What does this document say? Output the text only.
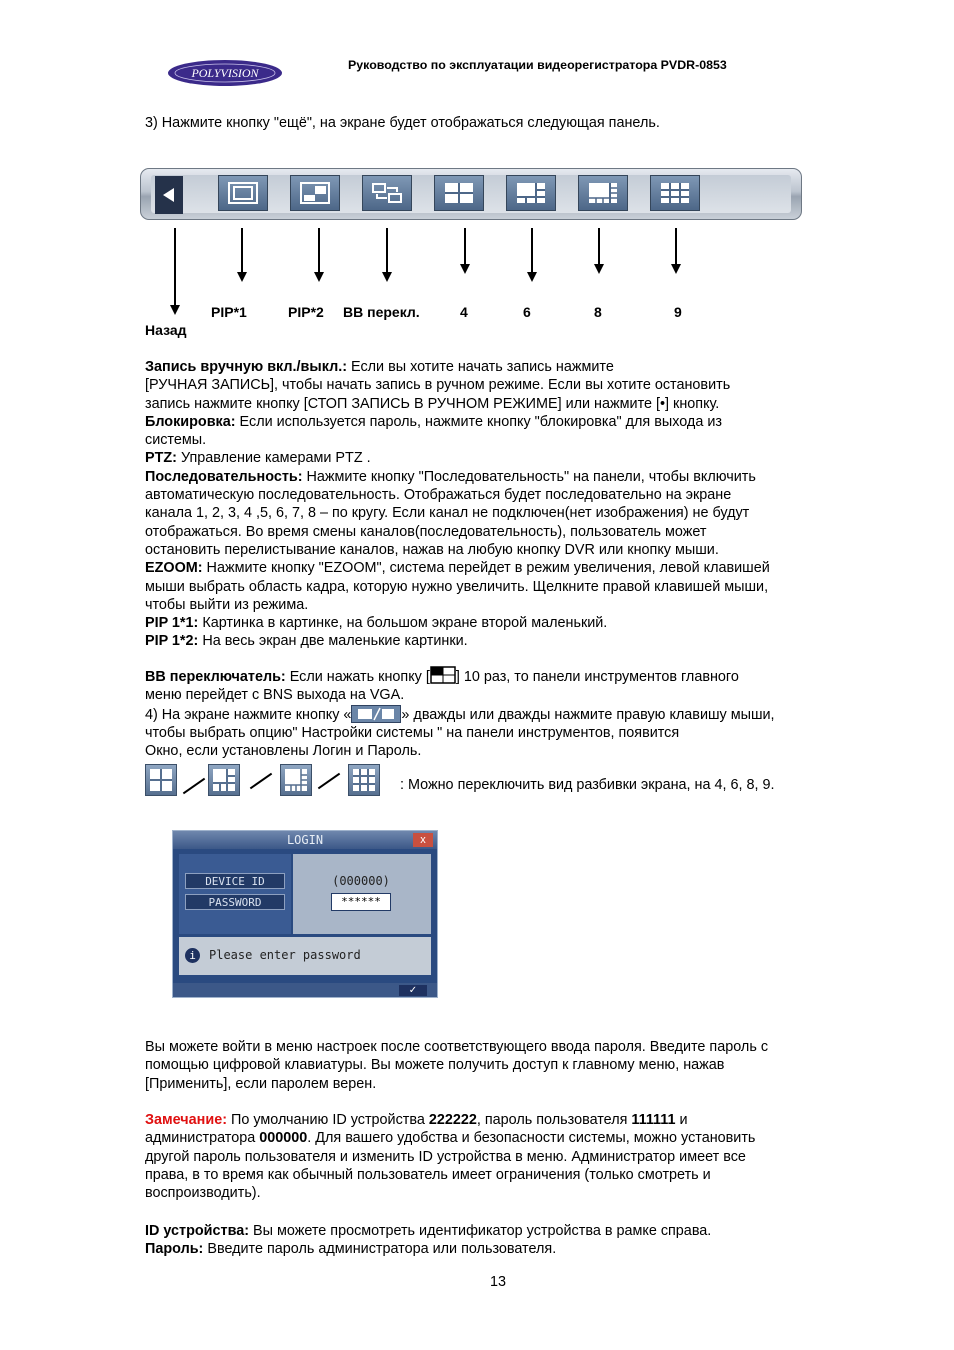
POLYVISION
Руководство по эксплуатации видеорегистратора PVDR-0853
3) Нажмите кнопку "ещё", на экране будет отображаться следующая панель.
PIP*1	PIP*2 BB перекл.	4	6	8	9
Назад

Запись вручную вкл./выкл.: Если вы хотите начать запись нажмите

[РУЧНАЯ ЗАПИСЬ], чтобы начать запись в ручном режиме. Если вы хотите остановить

запись нажмите кнопку [СТОП ЗАПИСЬ В РУЧНОМ РЕЖИМЕ] или нажмите [•] кнопку.

Блокировка: Если используется пароль, нажмите кнопку "блокировка" для выхода из

системы.

PTZ: Управление камерами PTZ .

Последовательность: Нажмите кнопку "Последовательность" на панели, чтобы включить

автоматическую последовательность. Отображаться будет последовательно на экране

канала 1, 2, 3, 4 ,5, 6, 7, 8 – по кругу. Если канал не подключен(нет изображения) не будут

отображаться. Во время смены каналов(последовательность), пользователь может

остановить перелистывание каналов, нажав на любую кнопку DVR или кнопку мыши.

EZOOM: Нажмите кнопку "EZOOM", система перейдет в режим увеличения, левой клавишей

мыши выбрать область кадра, которую нужно увеличить. Щелкните правой клавишей мыши,

чтобы выйти из режима.

PIP 1*1: Картинка в картинке, на большом экране второй маленький.

PIP 1*2: На весь экран две маленькие картинки.

BB переключатель: Если нажать кнопку [ ] 10 раз, то панели инструментов главного

меню перейдет с BNS выхода на VGA.

4) На экране нажмите кнопку «	» дважды или дважды нажмите правую клавишу мыши,

чтобы выбрать опцию" Настройки системы " на панели инструментов, появится

Окно, если установлены Логин и Пароль.

: Можно переключить вид разбивки экрана, на 4, 6, 8, 9.
LOGIN	x
DEVICE ID
PASSWORD
(000000)
******
i	Please enter password
✓

Вы можете войти в меню настроек после соответствующего ввода пароля. Введите пароль с

помощью цифровой клавиатуры. Вы можете получить доступ к главному меню, нажав

[Применить], если паролем верен.

Замечание: По умолчанию ID устройства 222222, пароль пользователя 111111 и

администратора 000000. Для вашего удобства и безопасности системы, можно установить

другой пароль пользователя и изменить ID устройства в меню. Администратор имеет все

права, в то время как обычный пользователь имеет ограничения (только смотреть и

воспроизводить).

ID устройства: Вы можете просмотреть идентификатор устройства в рамке справа.

Пароль: Введите пароль администратора или пользователя.

13
